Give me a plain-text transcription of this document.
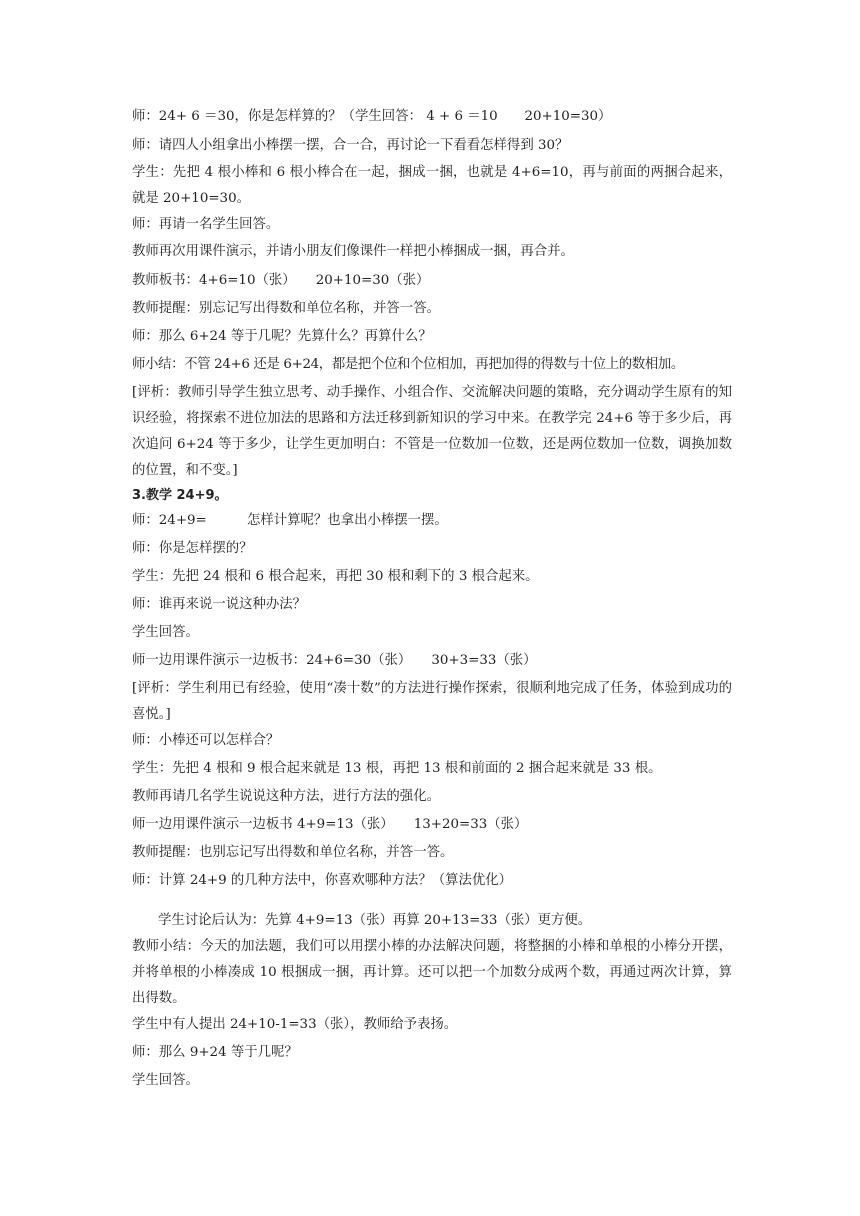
师：24+ 6 ＝30，你是怎样算的？（学生回答： 4 + 6 ＝10　　20+10=30）

师：请四人小组拿出小棒摆一摆，合一合，再讨论一下看看怎样得到 30？

学生：先把 4 根小棒和 6 根小棒合在一起，捆成一捆，也就是 4+6=10，再与前面的两捆合起来，就是 20+10=30。

师：再请一名学生回答。

教师再次用课件演示，并请小朋友们像课件一样把小棒捆成一捆，再合并。

教师板书：4+6=10（张）　　20+10=30（张）

教师提醒：别忘记写出得数和单位名称，并答一答。

师：那么 6+24 等于几呢？先算什么？再算什么？

师小结：不管 24+6 还是 6+24，都是把个位和个位相加，再把加得的得数与十位上的数相加。

[评析：教师引导学生独立思考、动手操作、小组合作、交流解决问题的策略，充分调动学生原有的知识经验，将探索不进位加法的思路和方法迁移到新知识的学习中来。在教学完 24+6 等于多少后，再次追问 6+24 等于多少，让学生更加明白：不管是一位数加一位数，还是两位数加一位数，调换加数的位置，和不变。]

3.教学 24+9。

师：24+9=　　　怎样计算呢？也拿出小棒摆一摆。

师：你是怎样摆的？

学生：先把 24 根和 6 根合起来，再把 30 根和剩下的 3 根合起来。

师：谁再来说一说这种办法？

学生回答。

师一边用课件演示一边板书：24+6=30（张）　　30+3=33（张）

[评析：学生利用已有经验，使用“凑十数”的方法进行操作探索，很顺利地完成了任务，体验到成功的喜悦。]

师：小棒还可以怎样合？

学生：先把 4 根和 9 根合起来就是 13 根，再把 13 根和前面的 2 捆合起来就是 33 根。

教师再请几名学生说说这种方法，进行方法的强化。

师一边用课件演示一边板书 4+9=13（张）　　13+20=33（张）

教师提醒：也别忘记写出得数和单位名称，并答一答。

师：计算 24+9 的几种方法中，你喜欢哪种方法？（算法优化）

学生讨论后认为：先算 4+9=13（张）再算 20+13=33（张）更方便。

教师小结：今天的加法题，我们可以用摆小棒的办法解决问题，将整捆的小棒和单根的小棒分开摆，并将单根的小棒凑成 10 根捆成一捆，再计算。还可以把一个加数分成两个数，再通过两次计算，算出得数。

学生中有人提出 24+10-1=33（张），教师给予表扬。

师：那么 9+24 等于几呢？

学生回答。
